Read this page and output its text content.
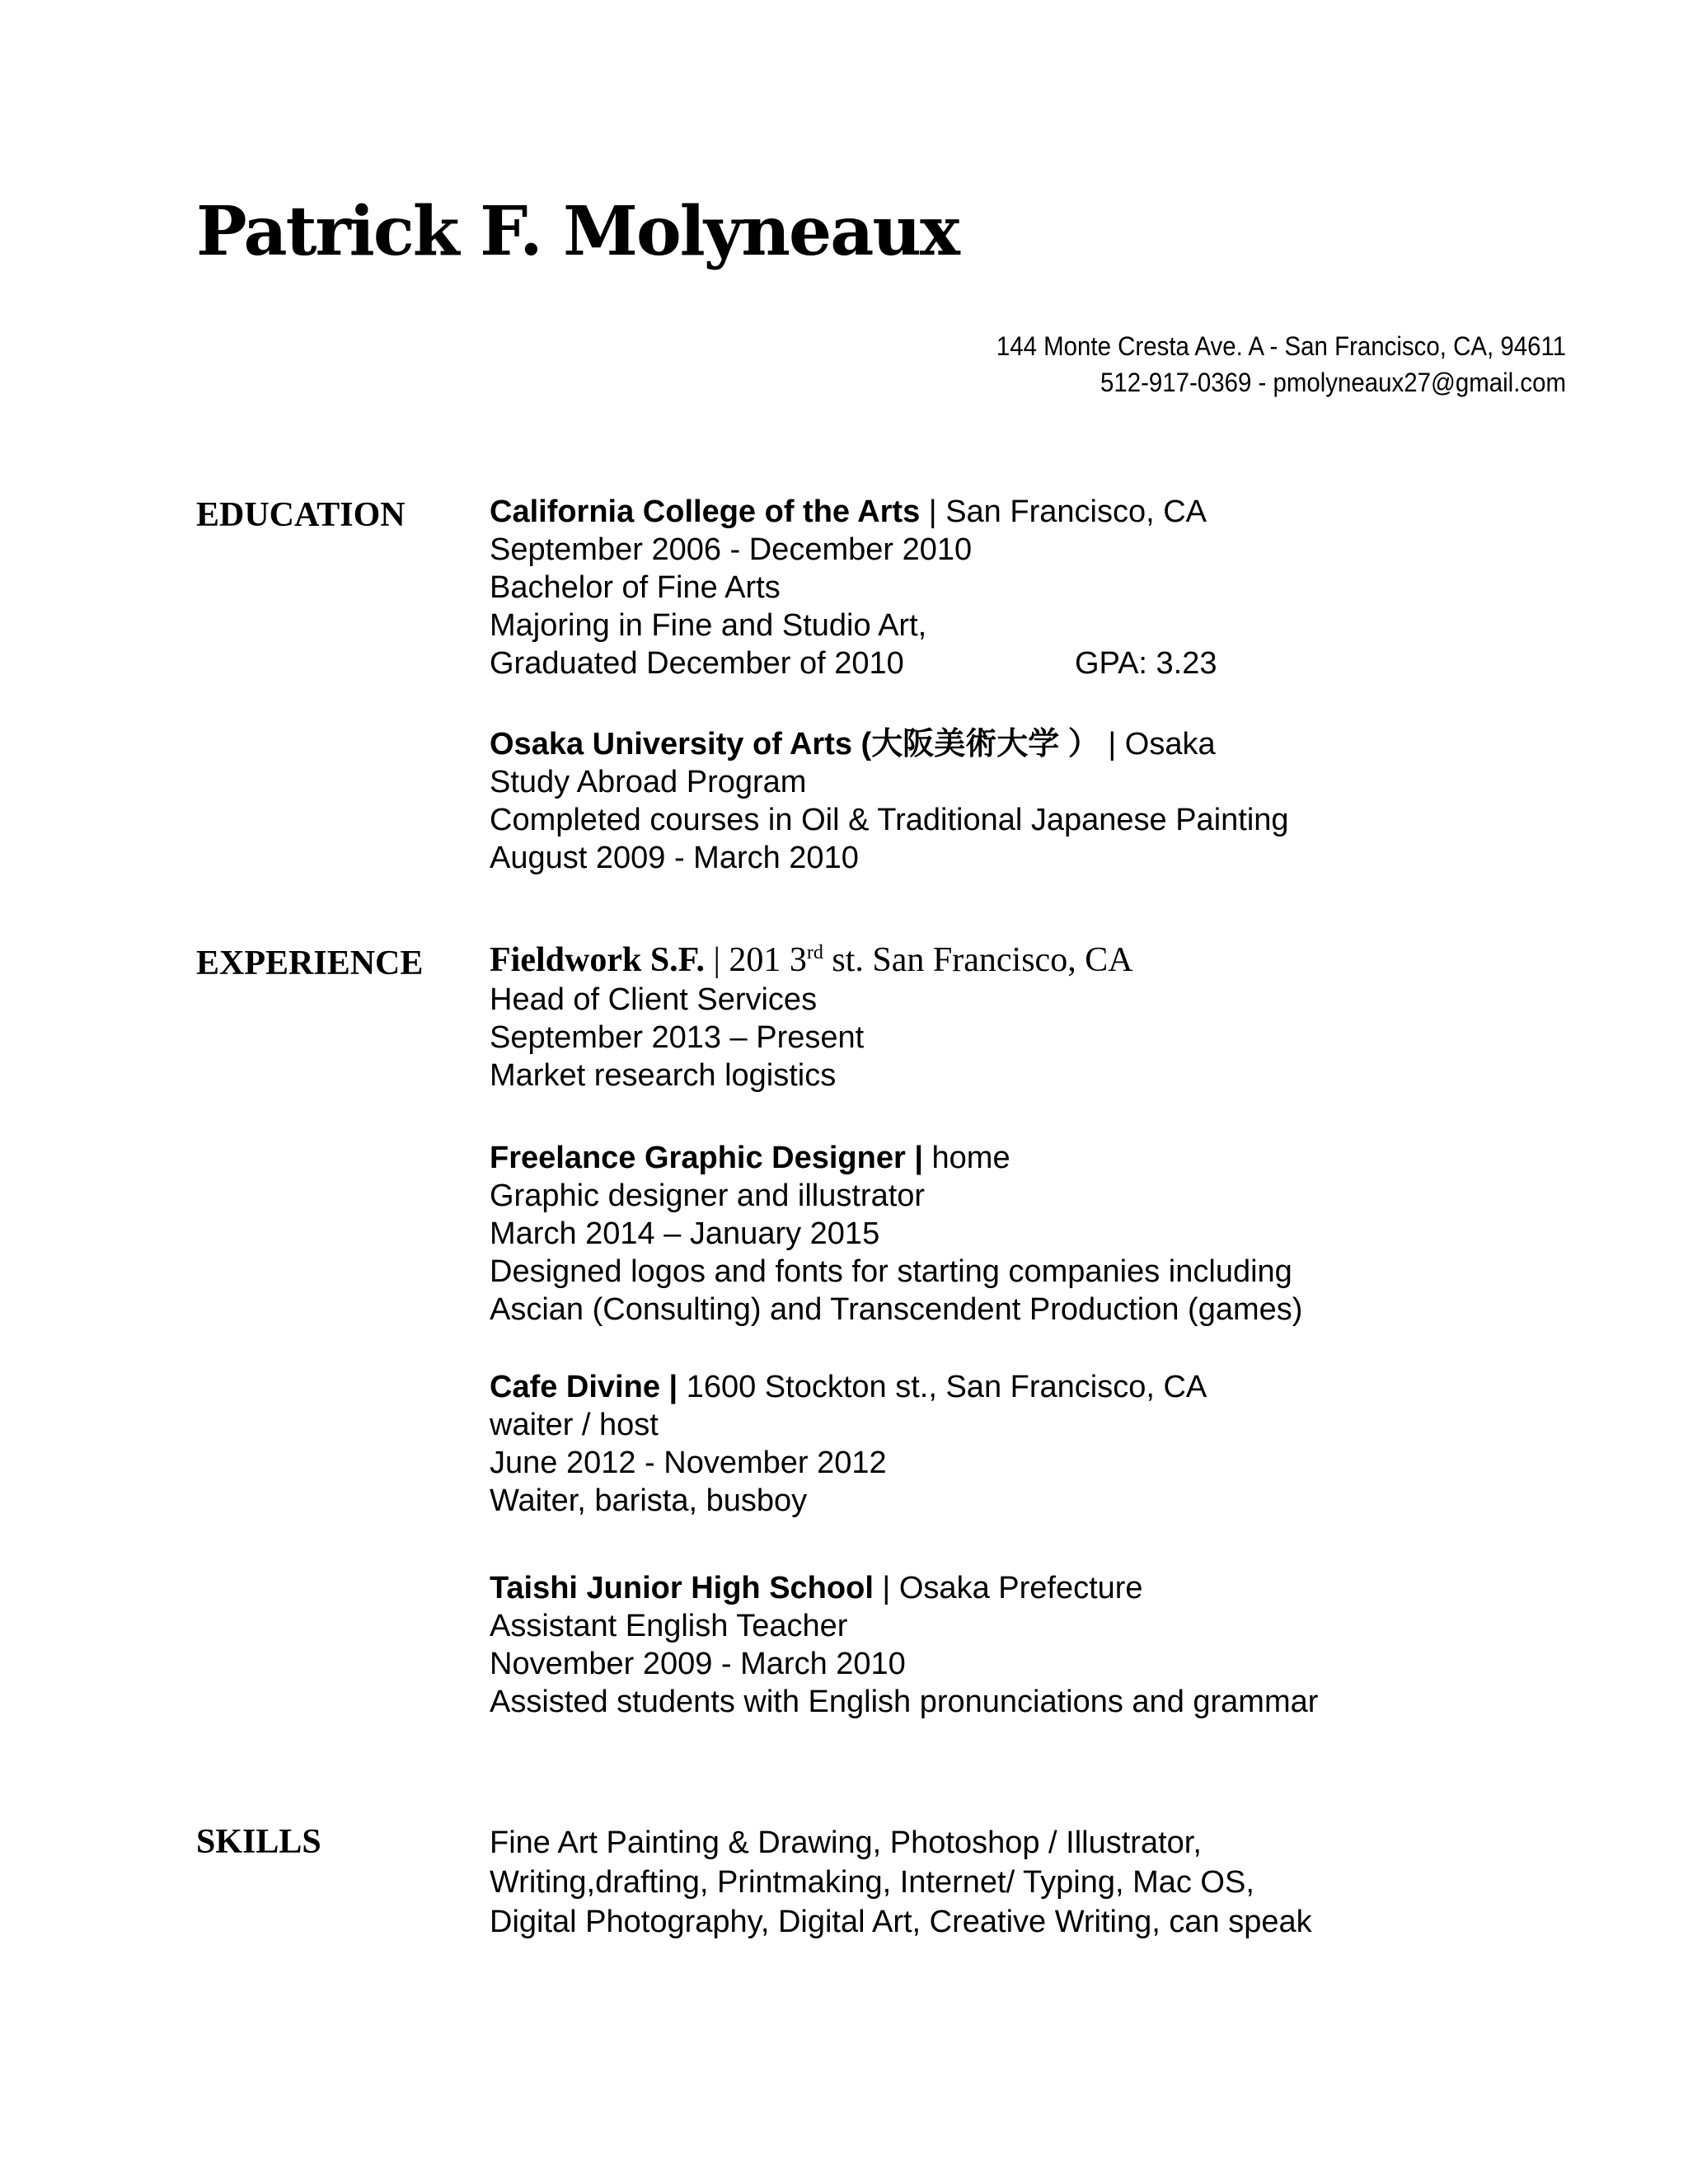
Patrick F. Molyneaux
144 Monte Cresta Ave. A - San Francisco, CA, 94611
512-917-0369 - pmolyneaux27@gmail.com
EDUCATION	California College of the Arts | San Francisco, CA
September 2006 - December 2010
Bachelor of Fine Arts
Majoring in Fine and Studio Art,
Graduated December of 2010	GPA: 3.23
Osaka University of Arts (大阪美術大学 ） | Osaka
Study Abroad Program
Completed courses in Oil & Traditional Japanese Painting
August 2009 - March 2010
EXPERIENCE Fieldwork S.F. | 201 3rd st. San Francisco, CA
Head of Client Services
September 2013 – Present
Market research logistics
Freelance Graphic Designer | home
Graphic designer and illustrator
March 2014 – January 2015
Designed logos and fonts for starting companies including
Ascian (Consulting) and Transcendent Production (games)
Cafe Divine | 1600 Stockton st., San Francisco, CA
waiter / host
June 2012 - November 2012
Waiter, barista, busboy
Taishi Junior High School | Osaka Prefecture
Assistant English Teacher
November 2009 - March 2010
Assisted students with English pronunciations and grammar
SKILLS	Fine Art Painting & Drawing, Photoshop / Illustrator,
Writing,drafting, Printmaking, Internet/ Typing, Mac OS,
Digital Photography, Digital Art, Creative Writing, can speak
